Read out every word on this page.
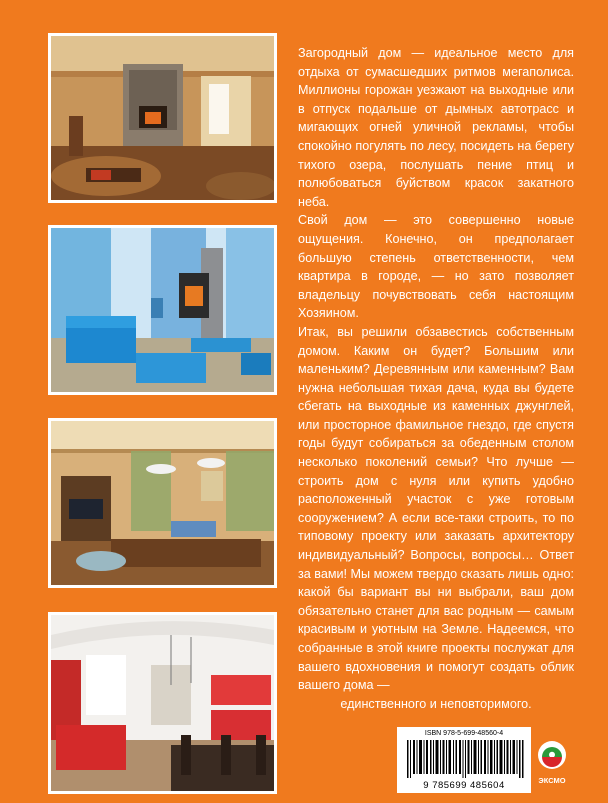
Загородный дом — идеальное место для отдыха от сумасшедших ритмов мегаполиса. Миллионы горожан уезжают на выходные или в отпуск подальше от дымных автотрасс и мигающих огней уличной рекламы, чтобы спокойно погулять по лесу, посидеть на берегу тихого озера, послушать пение птиц и полюбоваться буйством красок закатного неба.

Свой дом — это совершенно новые ощущения. Конечно, он предполагает большую степень ответственности, чем квартира в городе, — но зато позволяет владельцу почувствовать себя настоящим Хозяином.

Итак, вы решили обзавестись собственным домом. Каким он будет? Большим или маленьким? Деревянным или каменным? Вам нужна небольшая тихая дача, куда вы будете сбегать на выходные из каменных джунглей, или просторное фамильное гнездо, где спустя годы будут собираться за обеденным столом несколько поколений семьи? Что лучше — строить дом с нуля или купить удобно расположенный участок с уже готовым сооружением? А если все-таки строить, то по типовому проекту или заказать архитектору индивидуальный? Вопросы, вопросы… Ответ за вами! Мы можем твердо сказать лишь одно: какой бы вариант вы ни выбрали, ваш дом обязательно станет для вас родным — самым красивым и уютным на Земле. Надеемся, что собранные в этой книге проекты послужат для вашего вдохновения и помогут создать облик вашего дома —

единственного и неповторимого.

ISBN 978-5-699-48560-4
9 785699 485604	ЭКСМО
